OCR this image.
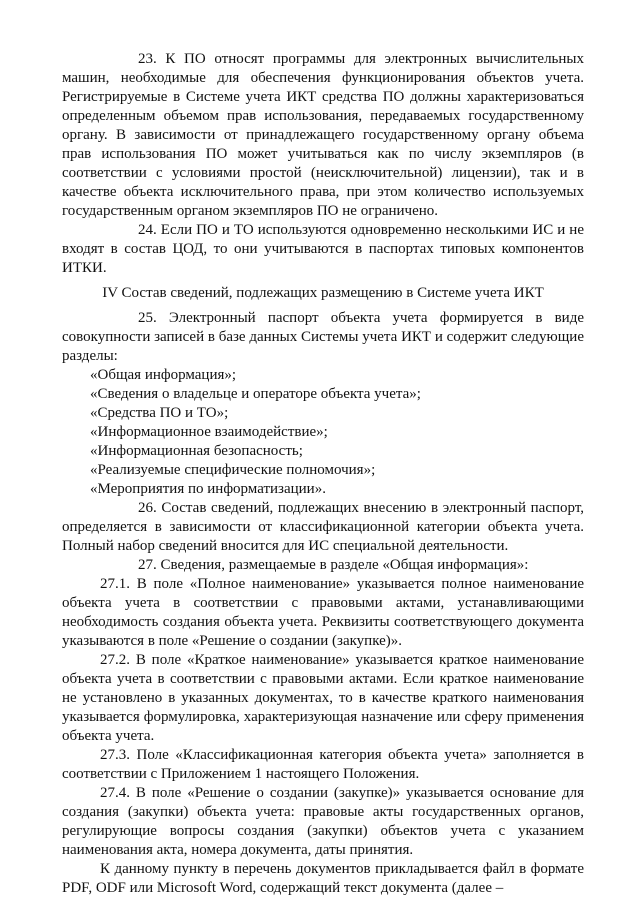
23. К ПО относят программы для электронных вычислительных машин, необходимые для обеспечения функционирования объектов учета. Регистрируемые в Системе учета ИКТ средства ПО должны характеризоваться определенным объемом прав использования, передаваемых государственному органу. В зависимости от принадлежащего государственному органу объема прав использования ПО может учитываться как по числу экземпляров (в соответствии с условиями простой (неисключительной) лицензии), так и в качестве объекта исключительного права, при этом количество используемых государственным органом экземпляров ПО не ограничено.

24. Если ПО и ТО используются одновременно несколькими ИС и не входят в состав ЦОД, то они учитываются в паспортах типовых компонентов ИТКИ.

IV Состав сведений, подлежащих размещению в Системе учета ИКТ

25. Электронный паспорт объекта учета формируется в виде совокупности записей в базе данных Системы учета ИКТ и содержит следующие разделы:

«Общая информация»;

«Сведения о владельце и операторе объекта учета»;

«Средства ПО и ТО»;

«Информационное взаимодействие»;

«Информационная безопасность;

«Реализуемые специфические полномочия»;

«Мероприятия по информатизации».

26. Состав сведений, подлежащих внесению в электронный паспорт, определяется в зависимости от классификационной категории объекта учета. Полный набор сведений вносится для ИС специальной деятельности.

27. Сведения, размещаемые в разделе «Общая информация»:

27.1. В поле «Полное наименование» указывается полное наименование объекта учета в соответствии с правовыми актами, устанавливающими необходимость создания объекта учета. Реквизиты соответствующего документа указываются в поле «Решение о создании (закупке)».

27.2. В поле «Краткое наименование» указывается краткое наименование объекта учета в соответствии с правовыми актами. Если краткое наименование не установлено в указанных документах, то в качестве краткого наименования указывается формулировка, характеризующая назначение или сферу применения объекта учета.

27.3. Поле «Классификационная категория объекта учета» заполняется в соответствии с Приложением 1 настоящего Положения.

27.4. В поле «Решение о создании (закупке)» указывается основание для создания (закупки) объекта учета: правовые акты государственных органов, регулирующие вопросы создания (закупки) объектов учета с указанием наименования акта, номера документа, даты принятия.

К данному пункту в перечень документов прикладывается файл в формате PDF, ODF или Microsoft Word, содержащий текст документа (далее –
